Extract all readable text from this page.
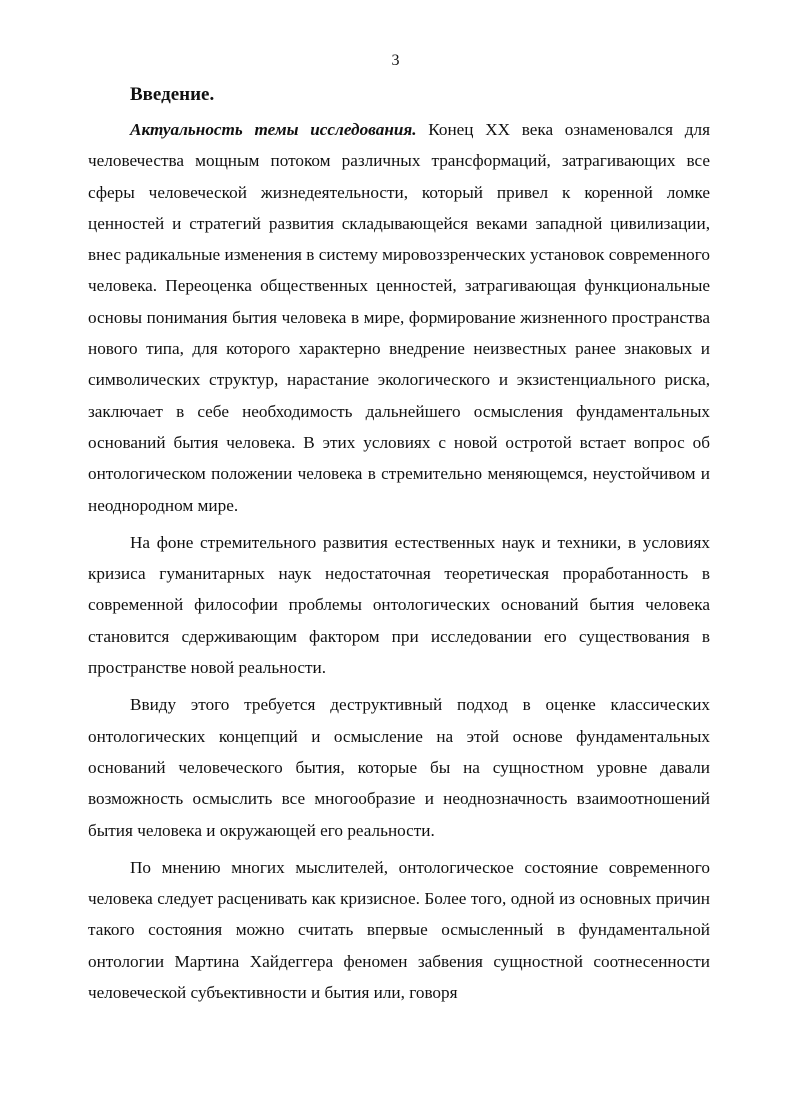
3
Введение.

Актуальность темы исследования. Конец XX века ознаменовался для человечества мощным потоком различных трансформаций, затрагивающих все сферы человеческой жизнедеятельности, который привел к коренной ломке ценностей и стратегий развития складывающейся веками западной цивилизации, внес радикальные изменения в систему мировоззренческих установок современного человека. Переоценка общественных ценностей, затрагивающая функциональные основы понимания бытия человека в мире, формирование жизненного пространства нового типа, для которого характерно внедрение неизвестных ранее знаковых и символических структур, нарастание экологического и экзистенциального риска, заключает в себе необходимость дальнейшего осмысления фундаментальных оснований бытия человека. В этих условиях с новой остротой встает вопрос об онтологическом положении человека в стремительно меняющемся, неустойчивом и неоднородном мире.

На фоне стремительного развития естественных наук и техники, в условиях кризиса гуманитарных наук недостаточная теоретическая проработанность в современной философии проблемы онтологических оснований бытия человека становится сдерживающим фактором при исследовании его существования в пространстве новой реальности.

Ввиду этого требуется деструктивный подход в оценке классических онтологических концепций и осмысление на этой основе фундаментальных оснований человеческого бытия, которые бы на сущностном уровне давали возможность осмыслить все многообразие и неоднозначность взаимоотношений бытия человека и окружающей его реальности.

По мнению многих мыслителей, онтологическое состояние современного человека следует расценивать как кризисное. Более того, одной из основных причин такого состояния можно считать впервые осмысленный в фундаментальной онтологии Мартина Хайдеггера феномен забвения сущностной соотнесенности человеческой субъективности и бытия или, говоря
